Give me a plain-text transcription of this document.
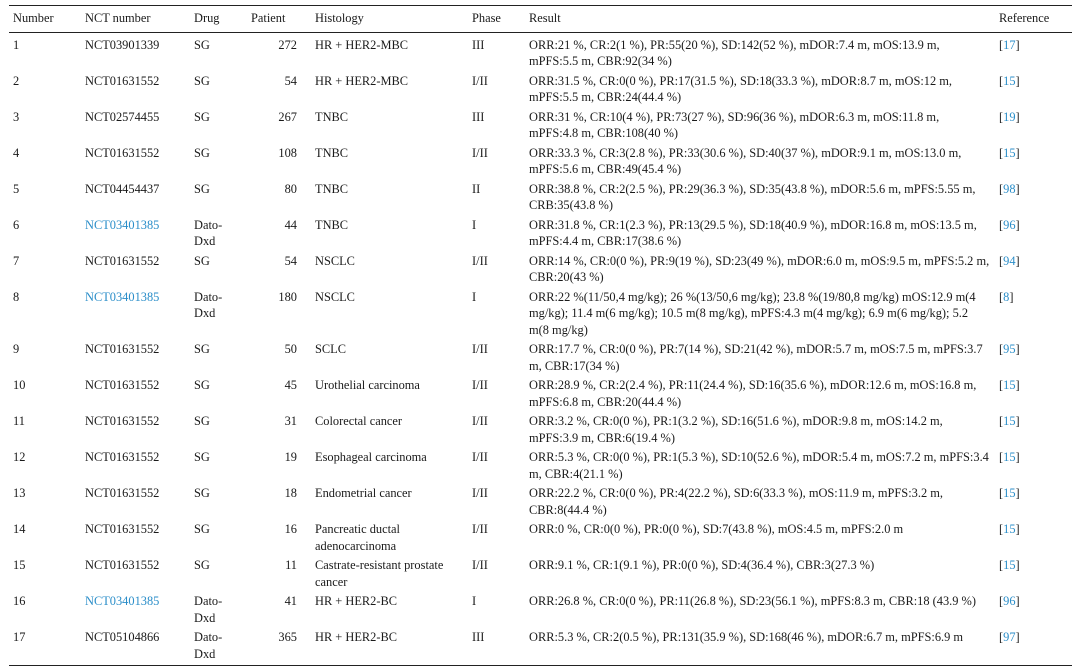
Number	NCT number	Drug	Patient	Histology	Phase	Result	Reference
1	NCT03901339	SG	272	HR + HER2-MBC	III	ORR:21 %, CR:2(1 %), PR:55(20 %), SD:142(52 %), mDOR:7.4 m, mOS:13.9 m, mPFS:5.5 m, CBR:92(34 %)	[17]
2	NCT01631552	SG	54	HR + HER2-MBC	I/II	ORR:31.5 %, CR:0(0 %), PR:17(31.5 %), SD:18(33.3 %), mDOR:8.7 m, mOS:12 m, mPFS:5.5 m, CBR:24(44.4 %)	[15]
3	NCT02574455	SG	267	TNBC	III	ORR:31 %, CR:10(4 %), PR:73(27 %), SD:96(36 %), mDOR:6.3 m, mOS:11.8 m, mPFS:4.8 m, CBR:108(40 %)	[19]
4	NCT01631552	SG	108	TNBC	I/II	ORR:33.3 %, CR:3(2.8 %), PR:33(30.6 %), SD:40(37 %), mDOR:9.1 m, mOS:13.0 m, mPFS:5.6 m, CBR:49(45.4 %)	[15]
5	NCT04454437	SG	80	TNBC	II	ORR:38.8 %, CR:2(2.5 %), PR:29(36.3 %), SD:35(43.8 %), mDOR:5.6 m, mPFS:5.55 m, CRB:35(43.8 %)	[98]
6	NCT03401385	Dato-Dxd	44	TNBC	I	ORR:31.8 %, CR:1(2.3 %), PR:13(29.5 %), SD:18(40.9 %), mDOR:16.8 m, mOS:13.5 m, mPFS:4.4 m, CBR:17(38.6 %)	[96]
7	NCT01631552	SG	54	NSCLC	I/II	ORR:14 %, CR:0(0 %), PR:9(19 %), SD:23(49 %), mDOR:6.0 m, mOS:9.5 m, mPFS:5.2 m, CBR:20(43 %)	[94]
8	NCT03401385	Dato-Dxd	180	NSCLC	I	ORR:22 %(11/50,4 mg/kg); 26 %(13/50,6 mg/kg); 23.8 %(19/80,8 mg/kg) mOS:12.9 m(4 mg/kg); 11.4 m(6 mg/kg); 10.5 m(8 mg/kg), mPFS:4.3 m(4 mg/kg); 6.9 m(6 mg/kg); 5.2 m(8 mg/kg)	[8]
9	NCT01631552	SG	50	SCLC	I/II	ORR:17.7 %, CR:0(0 %), PR:7(14 %), SD:21(42 %), mDOR:5.7 m, mOS:7.5 m, mPFS:3.7 m, CBR:17(34 %)	[95]
10	NCT01631552	SG	45	Urothelial carcinoma	I/II	ORR:28.9 %, CR:2(2.4 %), PR:11(24.4 %), SD:16(35.6 %), mDOR:12.6 m, mOS:16.8 m, mPFS:6.8 m, CBR:20(44.4 %)	[15]
11	NCT01631552	SG	31	Colorectal cancer	I/II	ORR:3.2 %, CR:0(0 %), PR:1(3.2 %), SD:16(51.6 %), mDOR:9.8 m, mOS:14.2 m, mPFS:3.9 m, CBR:6(19.4 %)	[15]
12	NCT01631552	SG	19	Esophageal carcinoma	I/II	ORR:5.3 %, CR:0(0 %), PR:1(5.3 %), SD:10(52.6 %), mDOR:5.4 m, mOS:7.2 m, mPFS:3.4 m, CBR:4(21.1 %)	[15]
13	NCT01631552	SG	18	Endometrial cancer	I/II	ORR:22.2 %, CR:0(0 %), PR:4(22.2 %), SD:6(33.3 %), mOS:11.9 m, mPFS:3.2 m, CBR:8(44.4 %)	[15]
14	NCT01631552	SG	16	Pancreatic ductal adenocarcinoma	I/II	ORR:0 %, CR:0(0 %), PR:0(0 %), SD:7(43.8 %), mOS:4.5 m, mPFS:2.0 m	[15]
15	NCT01631552	SG	11	Castrate-resistant prostate cancer	I/II	ORR:9.1 %, CR:1(9.1 %), PR:0(0 %), SD:4(36.4 %), CBR:3(27.3 %)	[15]
16	NCT03401385	Dato-Dxd	41	HR + HER2-BC	I	ORR:26.8 %, CR:0(0 %), PR:11(26.8 %), SD:23(56.1 %), mPFS:8.3 m, CBR:18 (43.9 %)	[96]
17	NCT05104866	Dato-Dxd	365	HR + HER2-BC	III	ORR:5.3 %, CR:2(0.5 %), PR:131(35.9 %), SD:168(46 %), mDOR:6.7 m, mPFS:6.9 m	[97]
